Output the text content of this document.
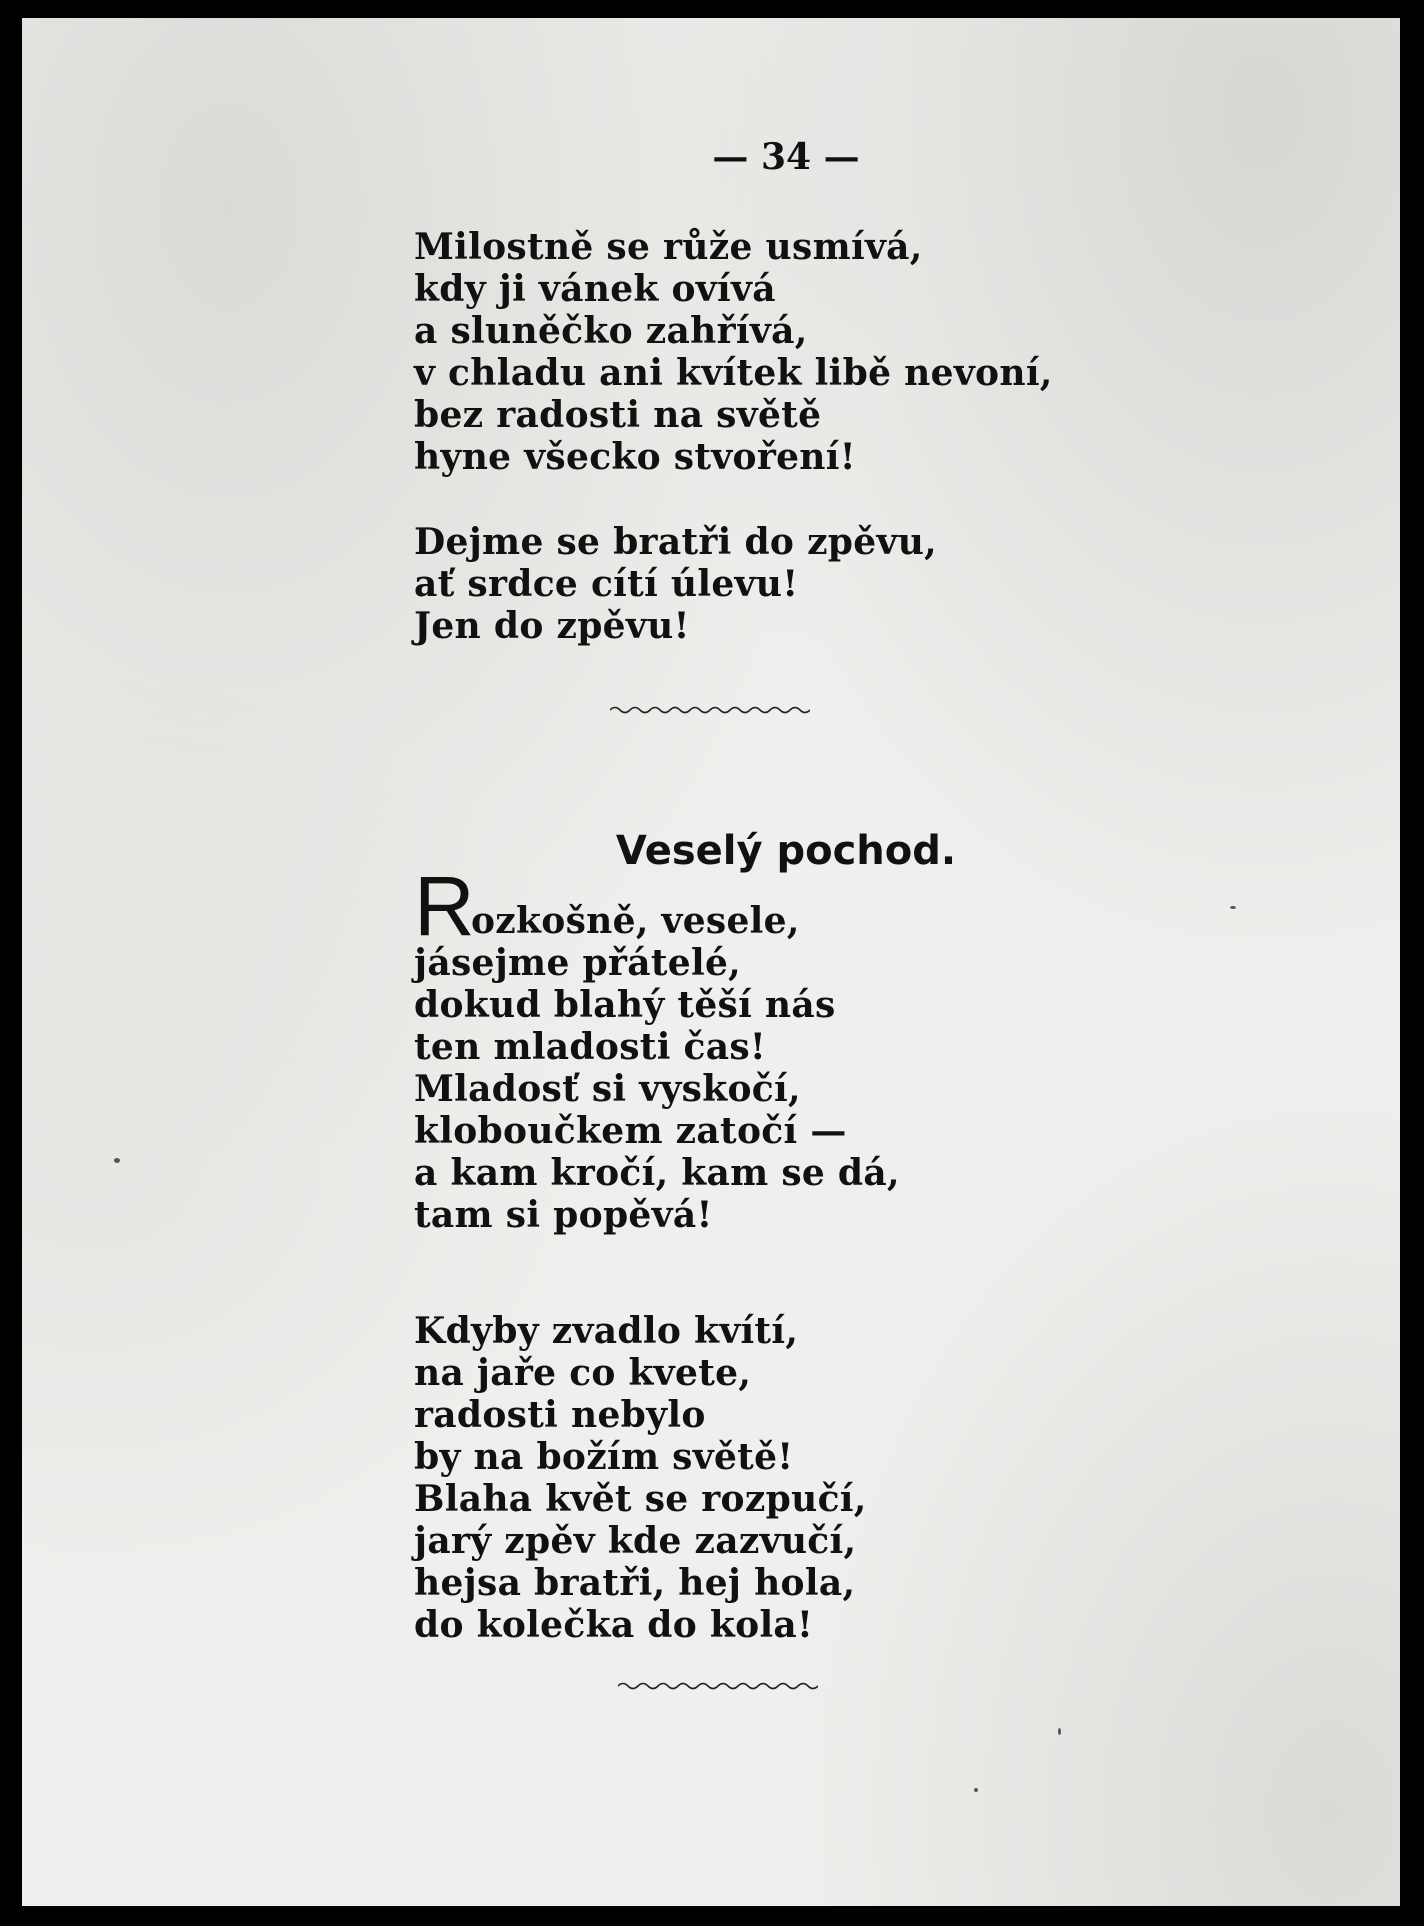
— 34 —
Milostně se růže usmívá,
kdy ji vánek ovívá
a sluněčko zahřívá,
v chladu ani kvítek libě nevoní,
bez radosti na světě
hyne všecko stvoření!
Dejme se bratři do zpěvu,
ať srdce cítí úlevu!
Jen do zpěvu!
Veselý pochod.
Rozkošně, vesele,
jásejme přátelé,
dokud blahý těší nás
ten mladosti čas!
Mladosť si vyskočí,
kloboučkem zatočí —
a kam kročí, kam se dá,
tam si popěvá!
Kdyby zvadlo kvítí,
na jaře co kvete,
radosti nebylo
by na božím světě!
Blaha květ se rozpučí,
jarý zpěv kde zazvučí,
hejsa bratři, hej hola,
do kolečka do kola!
